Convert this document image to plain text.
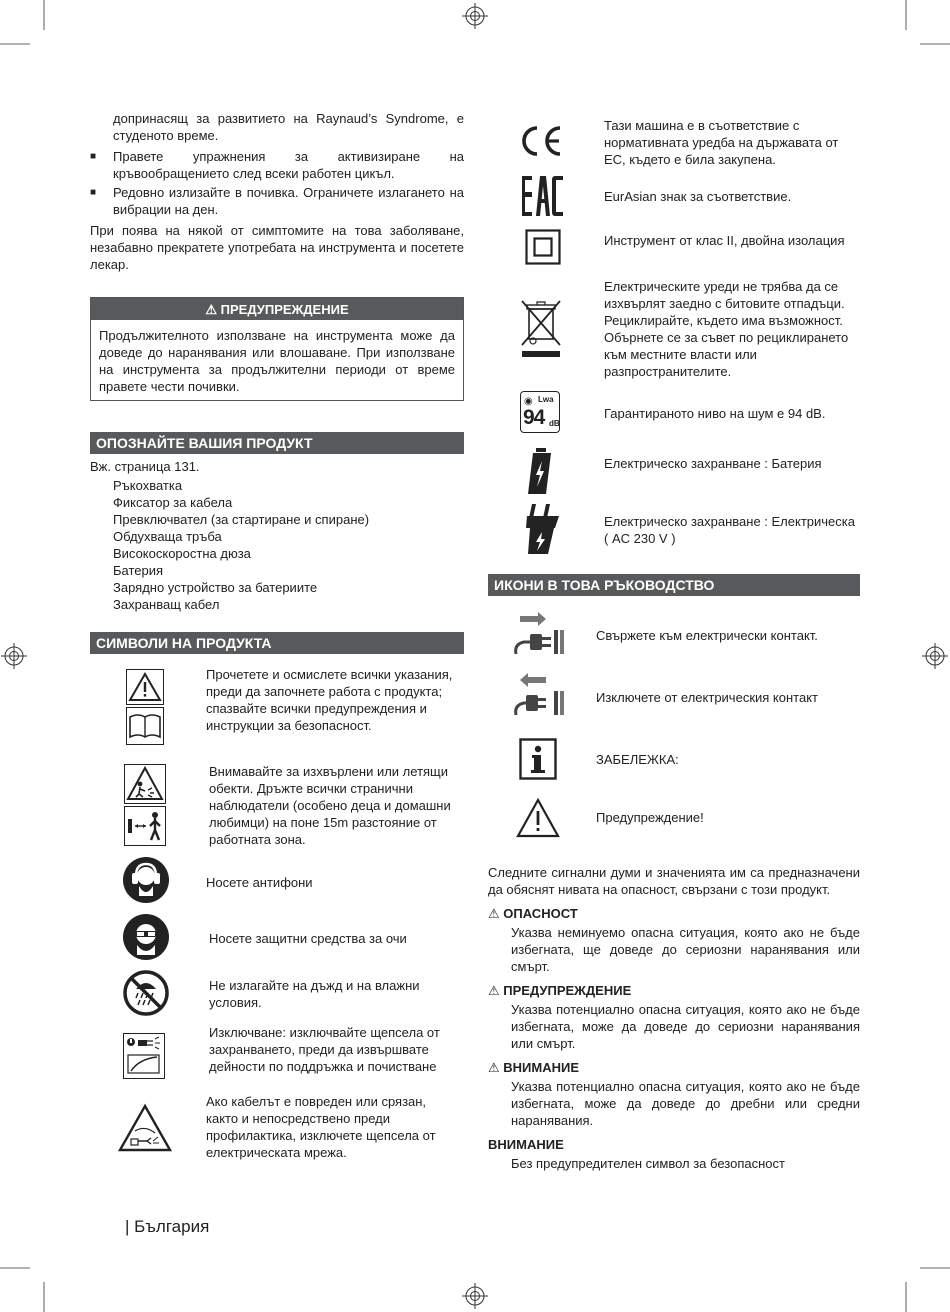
допринасящ за развитието на Raynaud’s Syndrome, е студеното време.

■ Правете упражнения за активизиране на кръвообращението след всеки работен цикъл.
■ Редовно излизайте в почивка. Ограничете излагането на вибрации на ден.

При поява на някой от симптомите на това заболяване, незабавно прекратете употребата на инструмента и посетете лекар.

⚠ ПРЕДУПРЕЖДЕНИЕ
Продължителното използване на инструмента може да доведе до наранявания или влошаване. При използване на инструмента за продължителни периоди от време правете чести почивки.
ОПОЗНАЙТЕ ВАШИЯ ПРОДУКТ

Вж. страница 131.

Ръкохватка

Фиксатор за кабела

Превключвател (за стартиране и спиране)

Обдухваща тръба

Високоскоростна дюза

Батерия

Зарядно устройство за батериите

Захранващ кабел

СИМВОЛИ НА ПРОДУКТА

Прочетете и осмислете всички указания, преди да започнете работа с продукта; спазвайте всички предупреждения и инструкции за безопасност.

Внимавайте за изхвърлени или летящи обекти. Дръжте всички странични наблюдатели (особено деца и домашни любимци) на поне 15m разстояние от работната зона.

Носете антифони

Носете защитни средства за очи

Не излагайте на дъжд и на влажни условия.

Изключване: изключвайте щепсела от захранването, преди да извършвате дейности по поддръжка и почистване

Ако кабелът е повреден или срязан, както и непосредствено преди профилактика, изключете щепсела от електрическата мрежа.

| България

◉ Lwa
94 dB

Тази машина е в съответствие с нормативната уредба на държавата от ЕС, където е била закупена.

EurAsian знак за съответствие.

Инструмент от клас II, двойна изолация

Електрическите уреди не трябва да се изхвърлят заедно с битовите отпадъци. Рециклирайте, където има възможност. Обърнете се за съвет по рециклирането към местните власти или разпространителите.

Гарантираното ниво на шум е 94 dB.

Електрическо захранване : Батерия

Електрическо захранване : Електрическа ( AC 230 V )

ИКОНИ В ТОВА РЪКОВОДСТВО

Свържете към електрически контакт.

Изключете от електрическия контакт

ЗАБЕЛЕЖКА:

Предупреждение!

Следните сигнални думи и значенията им са предназначени да обяснят нивата на опасност, свързани с този продукт.

⚠ ОПАСНОСТ

Указва неминуемо опасна ситуация, която ако не бъде избегната, ще доведе до сериозни наранявания или смърт.

⚠ ПРЕДУПРЕЖДЕНИЕ

Указва потенциално опасна ситуация, която ако не бъде избегната, може да доведе до сериозни наранявания или смърт.

⚠ ВНИМАНИЕ

Указва потенциално опасна ситуация, която ако не бъде избегната, може да доведе до дребни или средни наранявания.

ВНИМАНИЕ

Без предупредителен символ за безопасност
